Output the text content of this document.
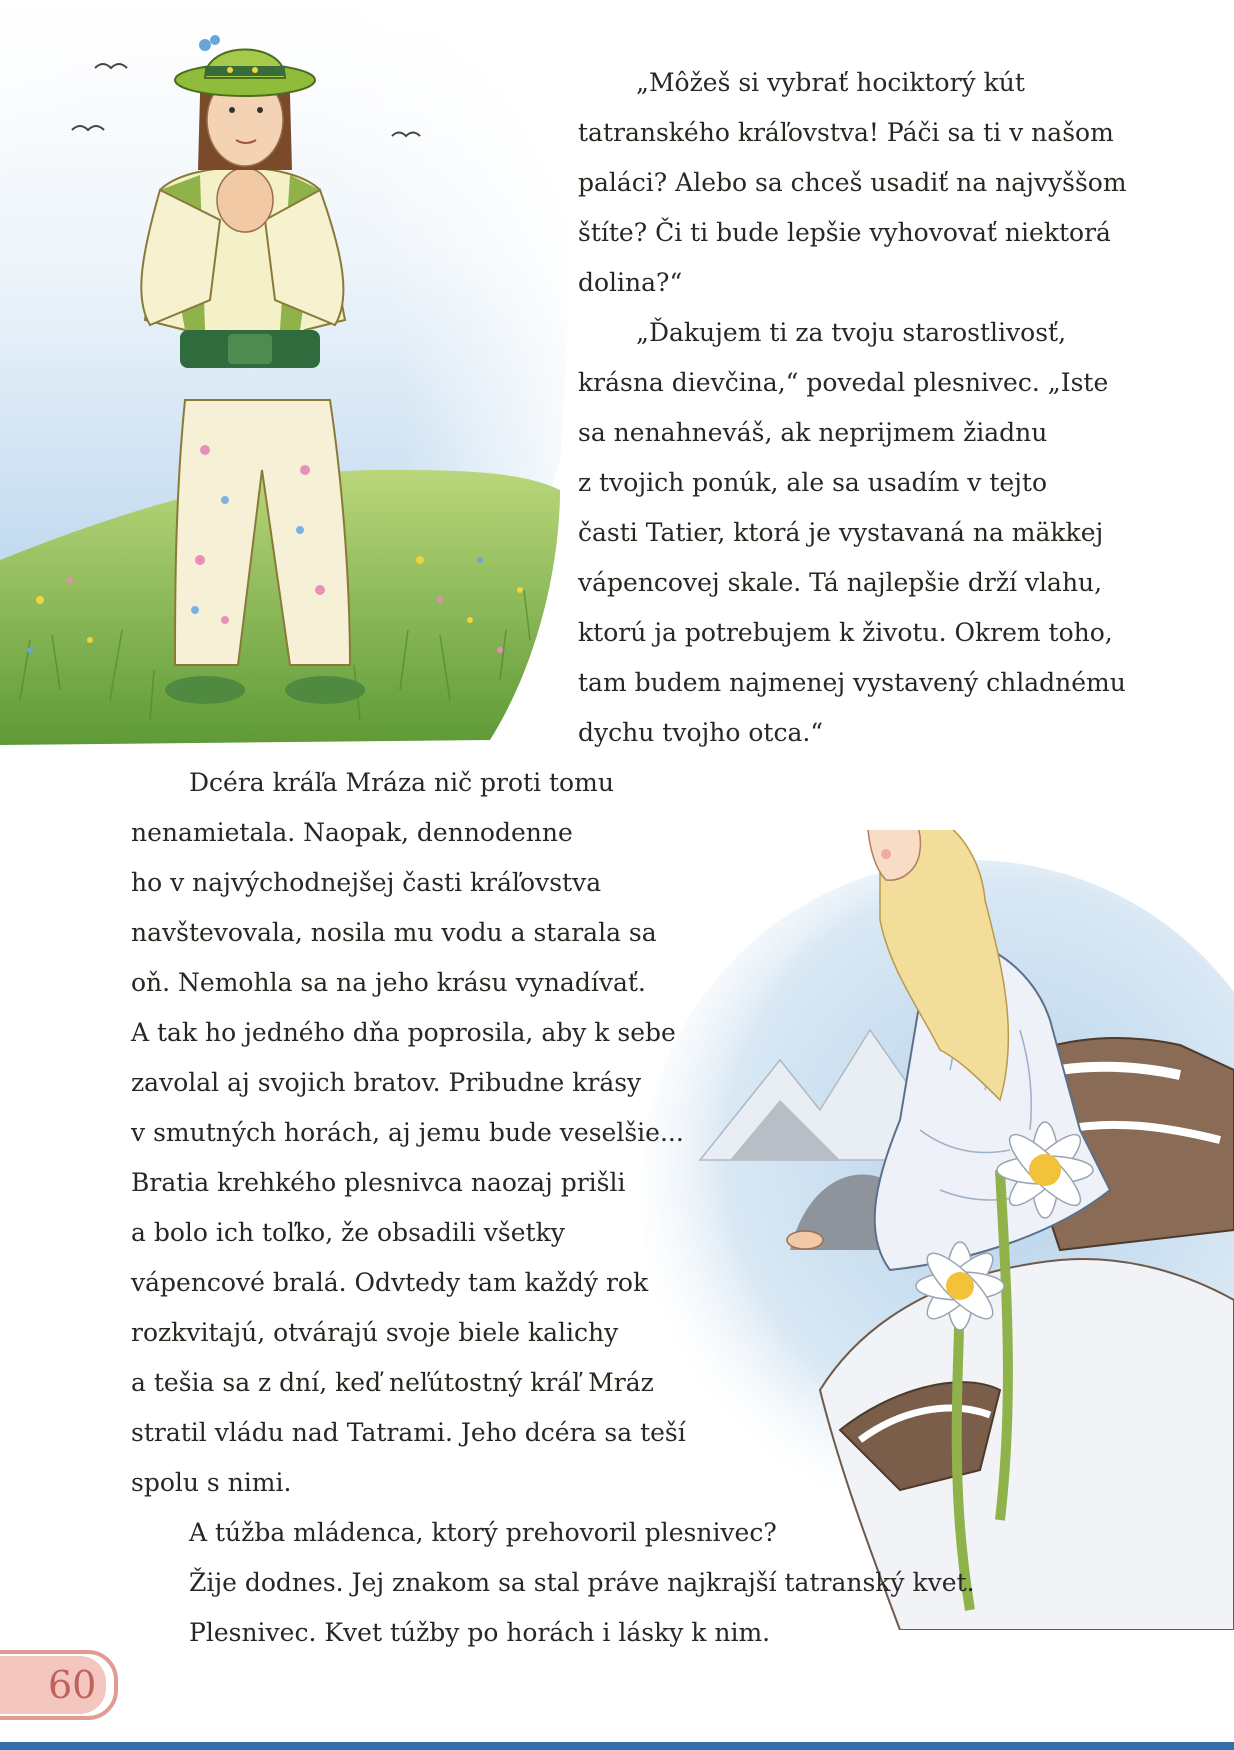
„Môžeš si vybrať hociktorý kút
tatranského kráľovstva! Páči sa ti v našom
paláci? Alebo sa chceš usadiť na najvyššom
štíte? Či ti bude lepšie vyhovovať niektorá
dolina?“
„Ďakujem ti za tvoju starostlivosť,
krásna dievčina,“ povedal plesnivec. „Iste
sa nenahneváš, ak neprijmem žiadnu
z tvojich ponúk, ale sa usadím v tejto
časti Tatier, ktorá je vystavaná na mäkkej
vápencovej skale. Tá najlepšie drží vlahu,
ktorú ja potrebujem k životu. Okrem toho,
tam budem najmenej vystavený chladnému
dychu tvojho otca.“
Dcéra kráľa Mráza nič proti tomu
nenamietala. Naopak, dennodenne
ho v najvýchodnejšej časti kráľovstva
navštevovala, nosila mu vodu a starala sa
oň. Nemohla sa na jeho krásu vynadívať.
A tak ho jedného dňa poprosila, aby k sebe
zavolal aj svojich bratov. Pribudne krásy
v smutných horách, aj jemu bude veselšie...
Bratia krehkého plesnivca naozaj prišli
a bolo ich toľko, že obsadili všetky
vápencové bralá. Odvtedy tam každý rok
rozkvitajú, otvárajú svoje biele kalichy
a tešia sa z dní, keď neľútostný kráľ Mráz
stratil vládu nad Tatrami. Jeho dcéra sa teší
spolu s nimi.
A túžba mládenca, ktorý prehovoril plesnivec?
Žije dodnes. Jej znakom sa stal práve najkrajší tatranský kvet.
Plesnivec. Kvet túžby po horách i lásky k nim.
60
